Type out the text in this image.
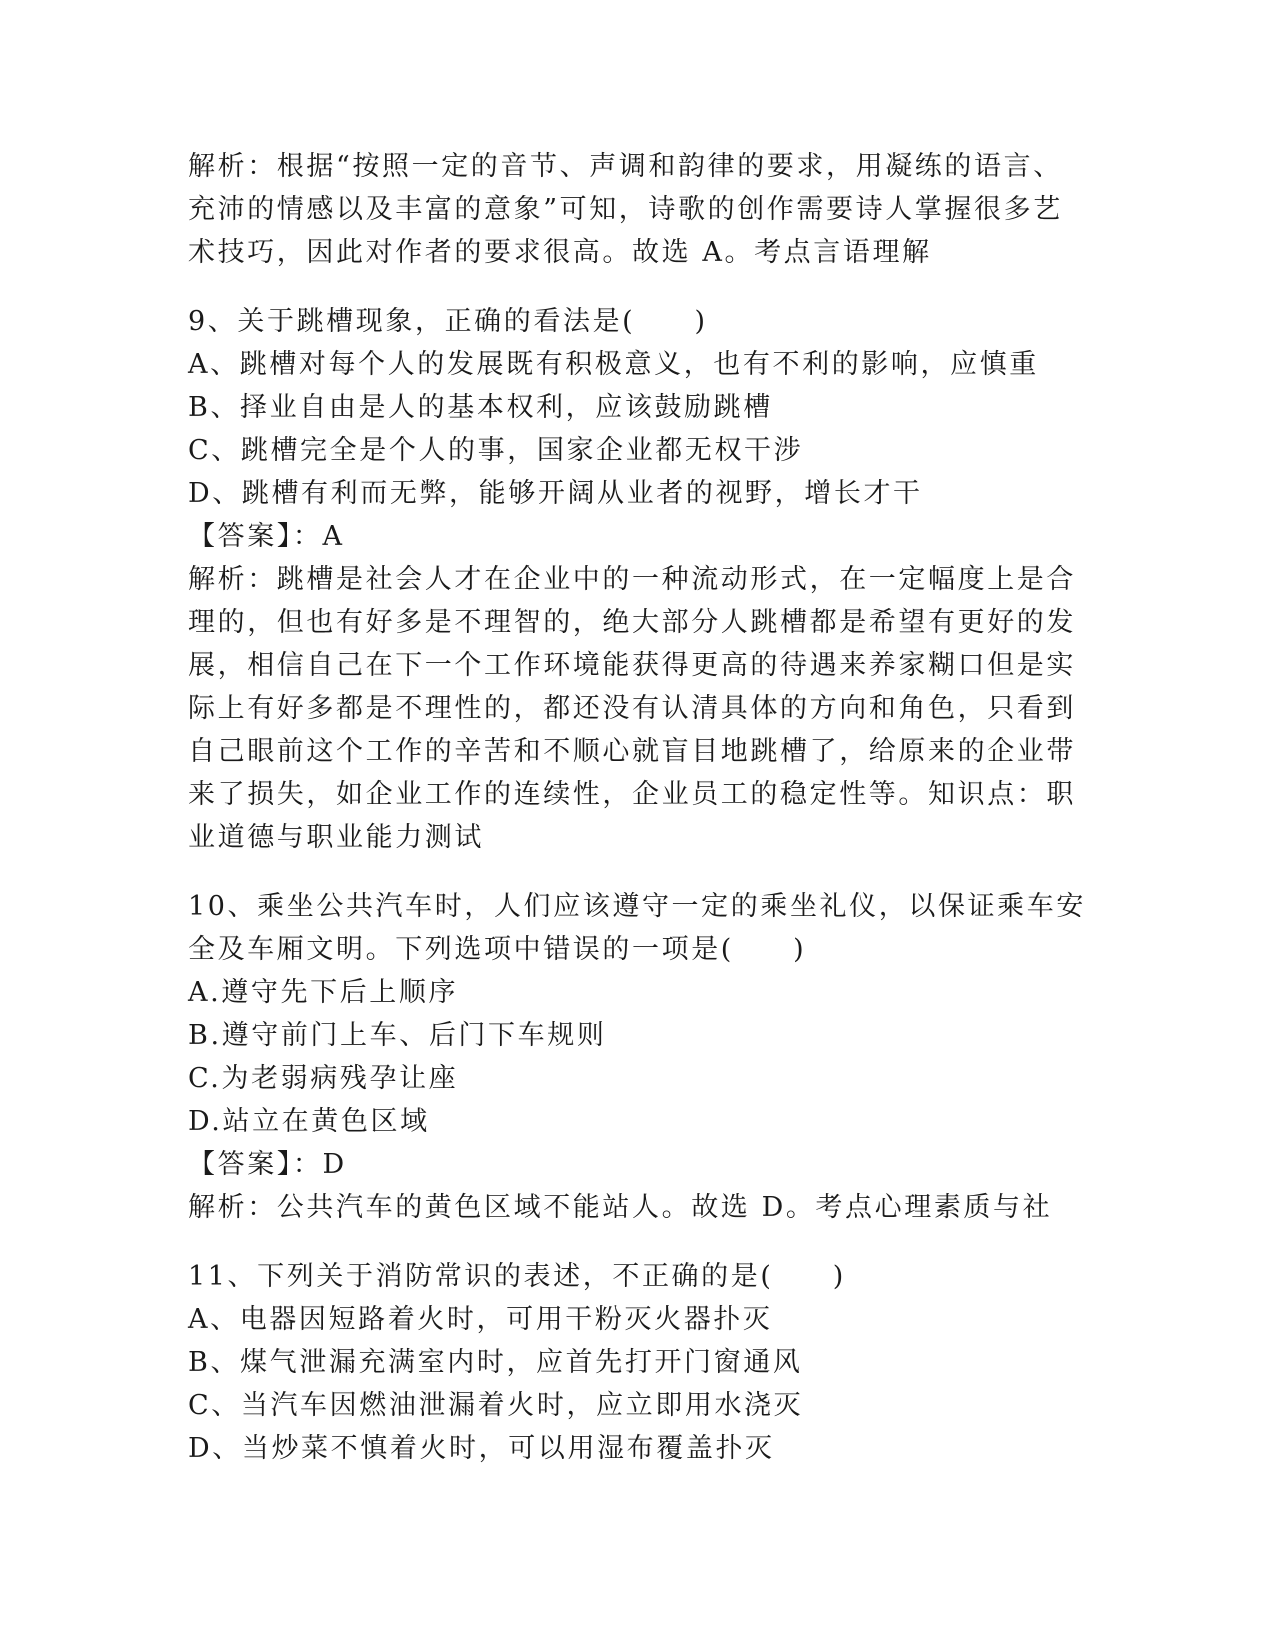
解析：根据“按照一定的音节、声调和韵律的要求，用凝练的语言、
充沛的情感以及丰富的意象”可知，诗歌的创作需要诗人掌握很多艺
术技巧，因此对作者的要求很高。故选 A。考点言语理解
9、关于跳槽现象，正确的看法是(　　)
A、跳槽对每个人的发展既有积极意义，也有不利的影响，应慎重
B、择业自由是人的基本权利，应该鼓励跳槽
C、跳槽完全是个人的事，国家企业都无权干涉
D、跳槽有利而无弊，能够开阔从业者的视野，增长才干
【答案】：A
解析：跳槽是社会人才在企业中的一种流动形式，在一定幅度上是合
理的，但也有好多是不理智的，绝大部分人跳槽都是希望有更好的发
展，相信自己在下一个工作环境能获得更高的待遇来养家糊口但是实
际上有好多都是不理性的，都还没有认清具体的方向和角色，只看到
自己眼前这个工作的辛苦和不顺心就盲目地跳槽了，给原来的企业带
来了损失，如企业工作的连续性，企业员工的稳定性等。知识点：职
业道德与职业能力测试
10、乘坐公共汽车时，人们应该遵守一定的乘坐礼仪，以保证乘车安
全及车厢文明。下列选项中错误的一项是(　　)
A.遵守先下后上顺序
B.遵守前门上车、后门下车规则
C.为老弱病残孕让座
D.站立在黄色区域
【答案】：D
解析：公共汽车的黄色区域不能站人。故选 D。考点心理素质与社
11、下列关于消防常识的表述，不正确的是(　　)
A、电器因短路着火时，可用干粉灭火器扑灭
B、煤气泄漏充满室内时，应首先打开门窗通风
C、当汽车因燃油泄漏着火时，应立即用水浇灭
D、当炒菜不慎着火时，可以用湿布覆盖扑灭
